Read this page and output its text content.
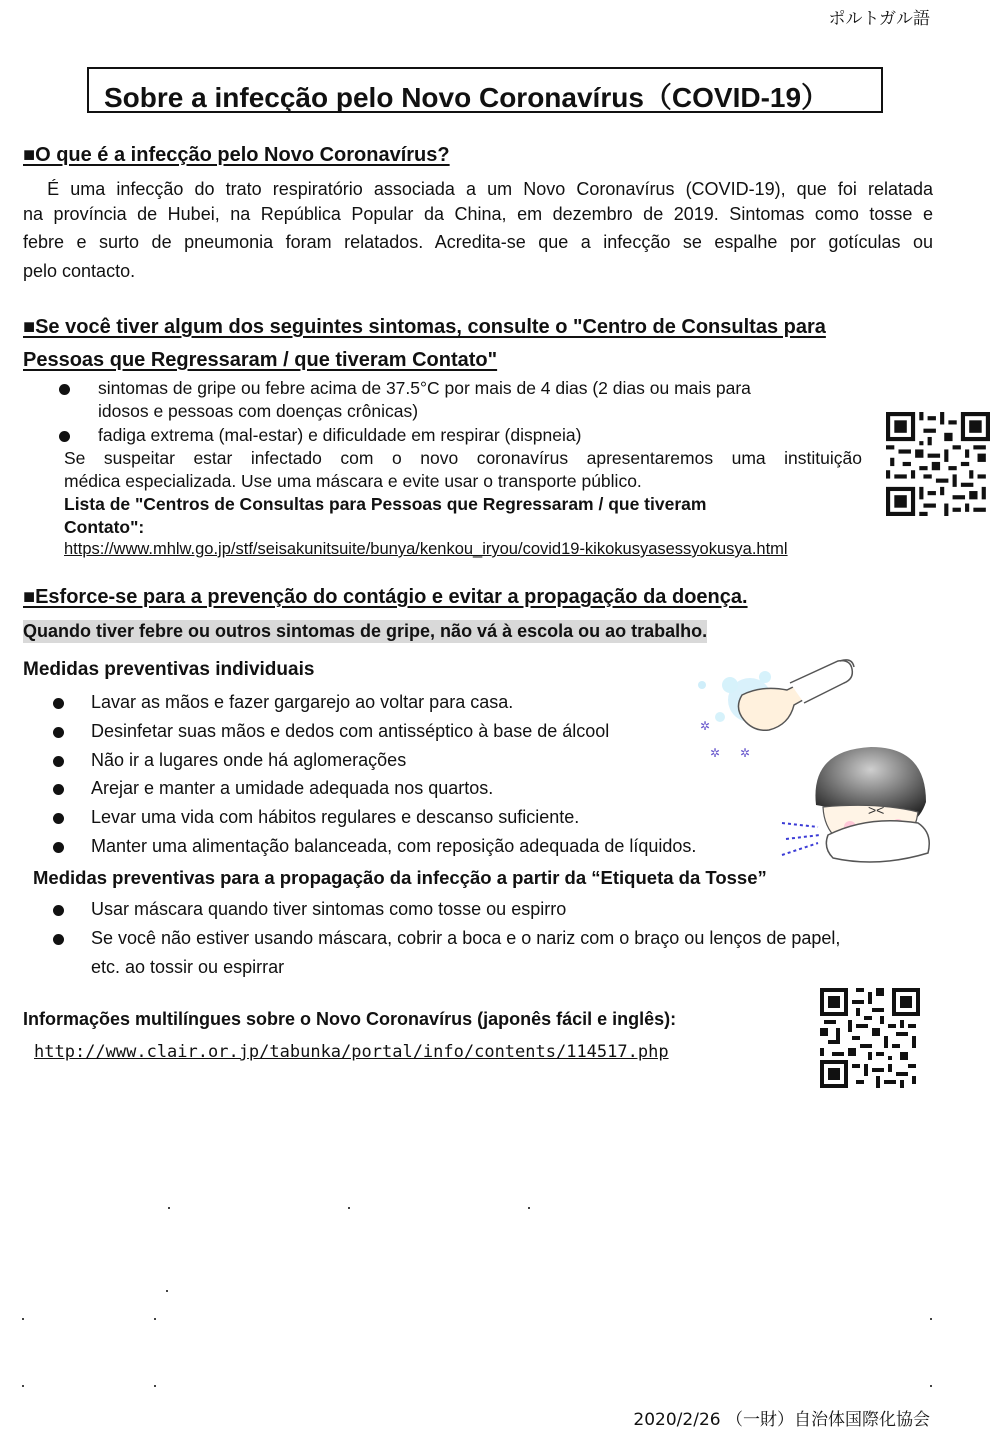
ポルトガル語
Sobre a infecção pelo Novo Coronavírus（COVID-19）
■O que é a infecção pelo Novo Coronavírus?
　É uma infecção do trato respiratório associada a um Novo Coronavírus (COVID-19), que foi relatada
na província de Hubei, na República Popular da China, em dezembro de 2019. Sintomas como tosse e
febre e surto de pneumonia foram relatados. Acredita-se que a infecção se espalhe por gotículas ou
pelo contacto.
■Se você tiver algum dos seguintes sintomas, consulte o "Centro de Consultas para
Pessoas que Regressaram / que tiveram Contato"
sintomas de gripe ou febre acima de 37.5°C por mais de 4 dias (2 dias ou mais para
idosos e pessoas com doenças crônicas)
fadiga extrema (mal-estar) e dificuldade em respirar (dispneia)
Se suspeitar estar infectado com o novo coronavírus apresentaremos uma instituição
médica especializada. Use uma máscara e evite usar o transporte público.
Lista de "Centros de Consultas para Pessoas que Regressaram / que tiveram
Contato":
https://www.mhlw.go.jp/stf/seisakunitsuite/bunya/kenkou_iryou/covid19-kikokusyasessyokusya.html
■Esforce-se para a prevenção do contágio e evitar a propagação da doença.
Quando tiver febre ou outros sintomas de gripe, não vá à escola ou ao trabalho.
Medidas preventivas individuais
Lavar as mãos e fazer gargarejo ao voltar para casa.
Desinfetar suas mãos e dedos com antisséptico à base de álcool
Não ir a lugares onde há aglomerações
Arejar e manter a umidade adequada nos quartos.
Levar uma vida com hábitos regulares e descanso suficiente.
Manter uma alimentação balanceada, com reposição adequada de líquidos.
✲
✲ ✲
><
Medidas preventivas para a propagação da infecção a partir da “Etiqueta da Tosse”
Usar máscara quando tiver sintomas como tosse ou espirro
Se você não estiver usando máscara, cobrir a boca e o nariz com o braço ou lenços de papel,
etc. ao tossir ou espirrar
Informações multilíngues sobre o Novo Coronavírus (japonês fácil e inglês):
http://www.clair.or.jp/tabunka/portal/info/contents/114517.php
2020/2/26 （一財）自治体国際化協会
